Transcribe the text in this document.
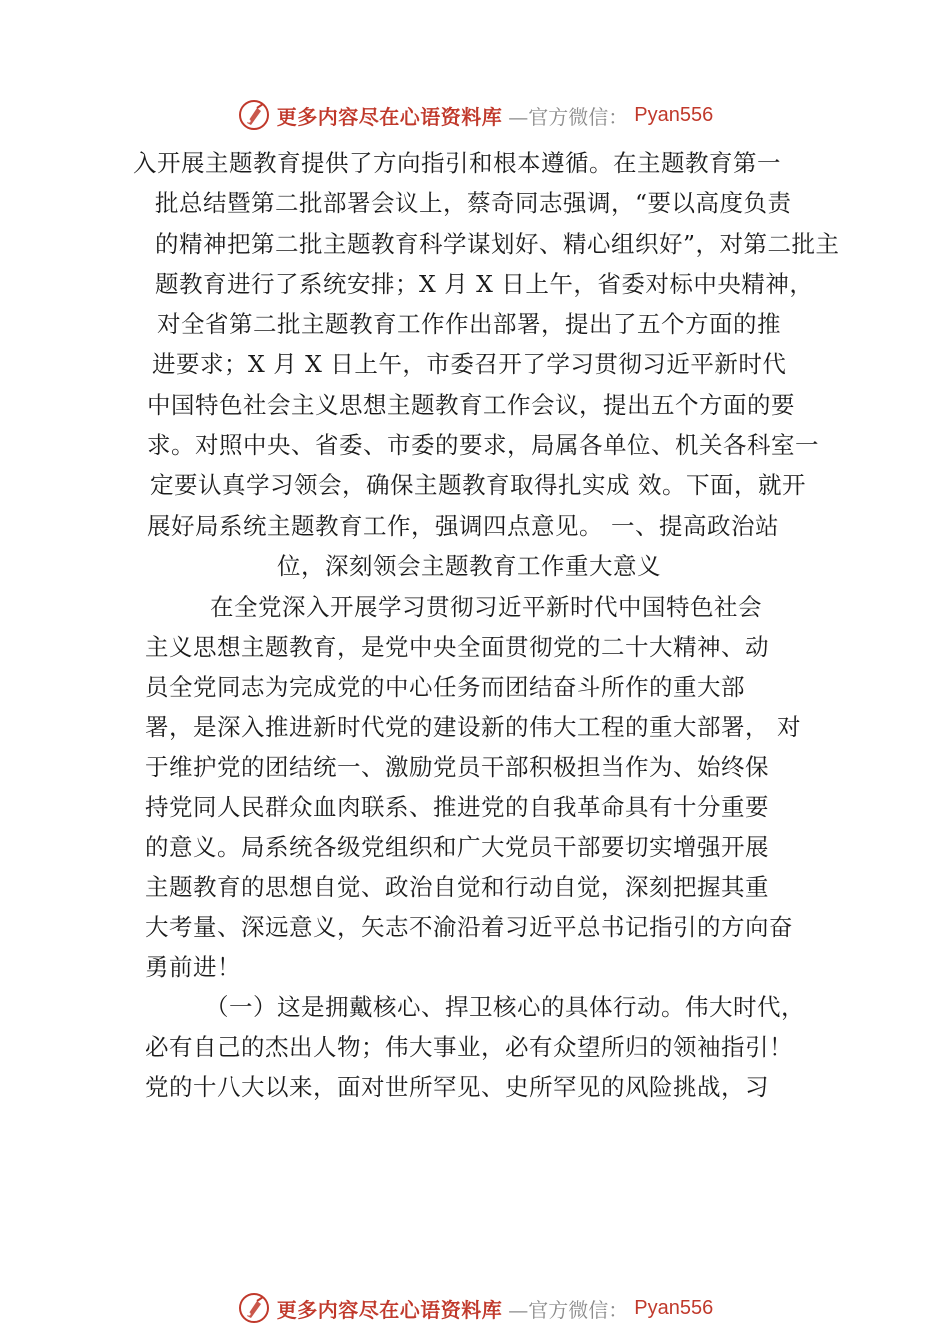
更多内容尽在心语资料库 —官方微信： Pyan556
入开展主题教育提供了方向指引和根本遵循。在主题教育第一
批总结暨第二批部署会议上，蔡奇同志强调，“要以高度负责
的精神把第二批主题教育科学谋划好、精心组织好”，对第二批主
题教育进行了系统安排；X 月 X 日上午，省委对标中央精神，
对全省第二批主题教育工作作出部署，提出了五个方面的推
进要求；X 月 X 日上午，市委召开了学习贯彻习近平新时代
中国特色社会主义思想主题教育工作会议，提出五个方面的要
求。对照中央、省委、市委的要求，局属各单位、机关各科室一
定要认真学习领会，确保主题教育取得扎实成 效。下面，就开
展好局系统主题教育工作，强调四点意见。 一、提高政治站
位，深刻领会主题教育工作重大意义
在全党深入开展学习贯彻习近平新时代中国特色社会
主义思想主题教育，是党中央全面贯彻党的二十大精神、动
员全党同志为完成党的中心任务而团结奋斗所作的重大部
署，是深入推进新时代党的建设新的伟大工程的重大部署， 对
于维护党的团结统一、激励党员干部积极担当作为、始终保
持党同人民群众血肉联系、推进党的自我革命具有十分重要
的意义。局系统各级党组织和广大党员干部要切实增强开展
主题教育的思想自觉、政治自觉和行动自觉，深刻把握其重
大考量、深远意义，矢志不渝沿着习近平总书记指引的方向奋
勇前进！
（一）这是拥戴核心、捍卫核心的具体行动。伟大时代，
必有自己的杰出人物；伟大事业，必有众望所归的领袖指引！
党的十八大以来，面对世所罕见、史所罕见的风险挑战，习
更多内容尽在心语资料库 —官方微信： Pyan556
